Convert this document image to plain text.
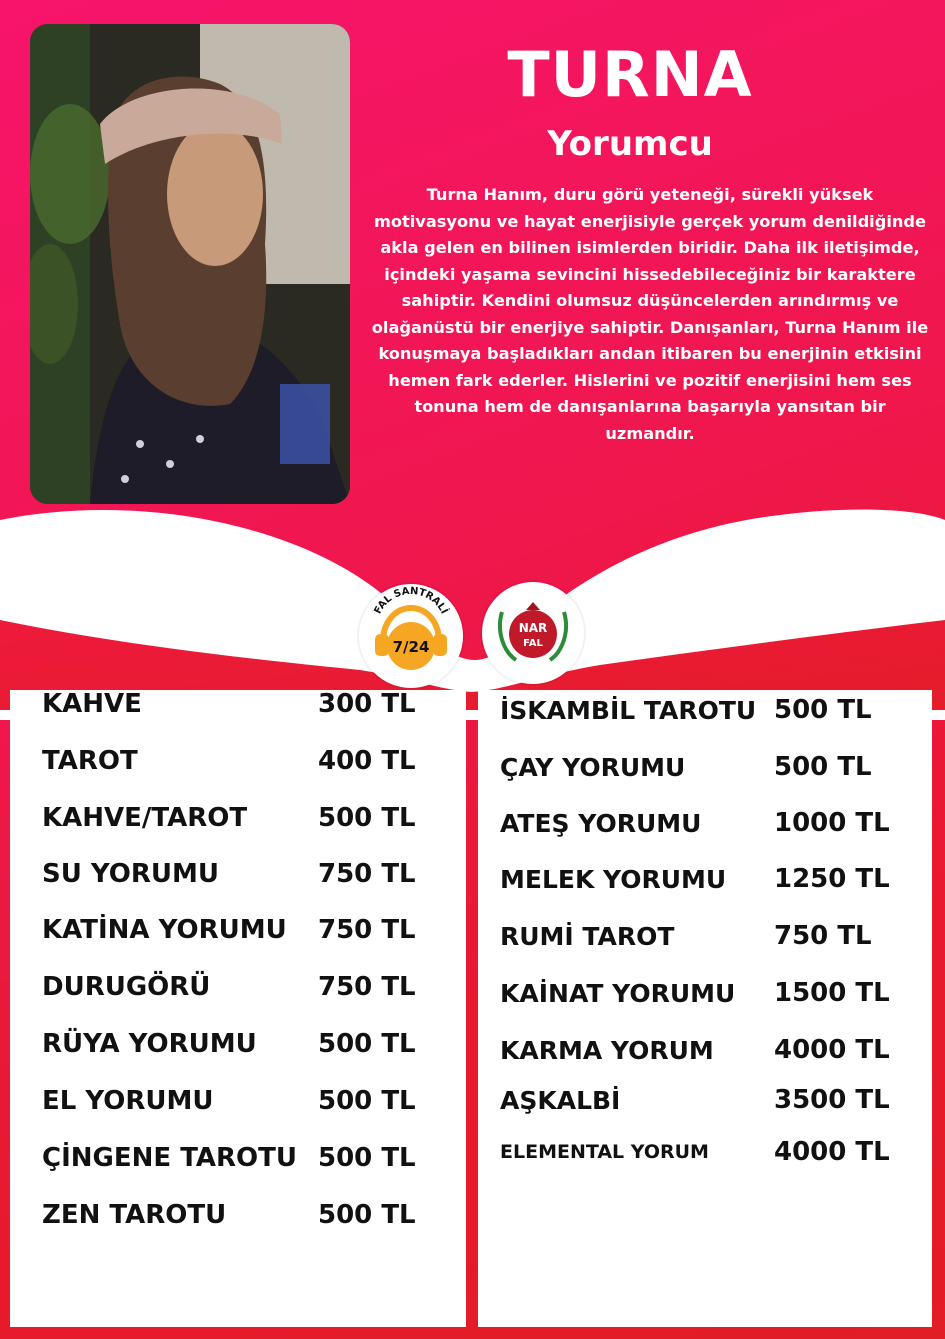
TURNA
Yorumcu
Turna Hanım, duru görü yeteneği, sürekli yüksek motivasyonu ve hayat enerjisiyle gerçek yorum denildiğinde akla gelen en bilinen isimlerden biridir. Daha ilk iletişimde, içindeki yaşama sevincini hissedebileceğiniz bir karaktere sahiptir. Kendini olumsuz düşüncelerden arındırmış ve olağanüstü bir enerjiye sahiptir. Danışanları, Turna Hanım ile konuşmaya başladıkları andan itibaren bu enerjinin etkisini hemen fark ederler. Hislerini ve pozitif enerjisini hem ses tonuna hem de danışanlarına başarıyla yansıtan bir uzmandır.
FAL SANTRALİ
7/24
NAR
FAL
KAHVE	300 TL
TAROT	400 TL
KAHVE/TAROT	500 TL
SU YORUMU	750 TL
KATİNA YORUMU 750 TL
DURUGÖRÜ	750 TL
RÜYA YORUMU 500 TL
EL YORUMU	500 TL
ÇİNGENE TAROTU 500 TL
ZEN TAROTU	500 TL
İSKAMBİL TAROTU 500 TL
ÇAY YORUMU	500 TL
ATEŞ YORUMU	1000 TL
MELEK YORUMU 1250 TL
RUMİ TAROT	750 TL
KAİNAT YORUMU 1500 TL
KARMA YORUM 4000 TL
AŞKALBİ	3500 TL
ELEMENTAL YORUM	4000 TL
